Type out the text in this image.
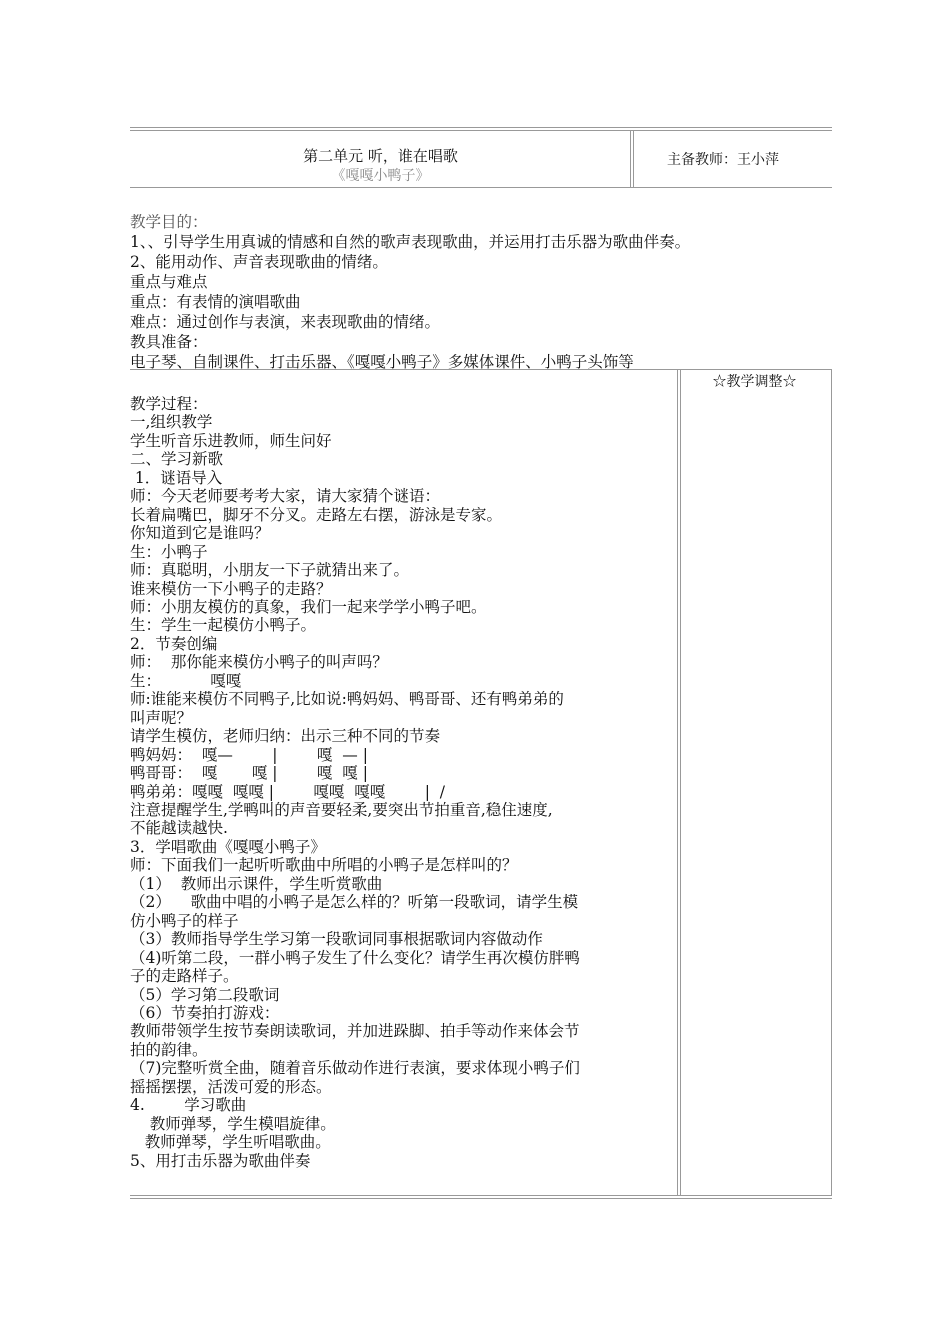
第二单元 听，谁在唱歌
《嘎嘎小鸭子》
主备教师：王小萍
教学目的：
1、、引导学生用真诚的情感和自然的歌声表现歌曲，并运用打击乐器为歌曲伴奏。
2、能用动作、声音表现歌曲的情绪。
重点与难点
重点：有表情的演唱歌曲
难点：通过创作与表演，来表现歌曲的情绪。
教具准备：
电子琴、自制课件、打击乐器、《嘎嘎小鸭子》多媒体课件、小鸭子头饰等
☆教学调整☆
教学过程：
一,组织教学
学生听音乐进教师，师生问好
二、学习新歌
1．谜语导入
师：今天老师要考考大家，请大家猜个谜语：
长着扁嘴巴，脚牙不分叉。走路左右摆，游泳是专家。
你知道到它是谁吗？
生：小鸭子
师：真聪明，小朋友一下子就猜出来了。
谁来模仿一下小鸭子的走路？
师：小朋友模仿的真象，我们一起来学学小鸭子吧。
生：学生一起模仿小鸭子。
2．节奏创编
师：  那你能来模仿小鸭子的叫声吗？
生：          嘎嘎
师:谁能来模仿不同鸭子,比如说:鸭妈妈、鸭哥哥、还有鸭弟弟的
叫声呢？
请学生模仿，老师归纳：出示三种不同的节奏
鸭妈妈：  嘎—        |        嘎  — |
鸭哥哥：  嘎       嘎 |        嘎  嘎 |
鸭弟弟：嘎嘎  嘎嘎 |        嘎嘎  嘎嘎        |  /
注意提醒学生,学鸭叫的声音要轻柔,要突出节拍重音,稳住速度,
不能越读越快.
3．学唱歌曲《嘎嘎小鸭子》
师：下面我们一起听听歌曲中所唱的小鸭子是怎样叫的？
（1）  教师出示课件，学生听赏歌曲
（2）    歌曲中唱的小鸭子是怎么样的？听第一段歌词，请学生模
仿小鸭子的样子
（3）教师指导学生学习第一段歌词同事根据歌词内容做动作
（4)听第二段，一群小鸭子发生了什么变化？请学生再次模仿胖鸭
子的走路样子。
（5）学习第二段歌词
（6）节奏拍打游戏：
教师带领学生按节奏朗读歌词，并加进跺脚、拍手等动作来体会节
拍的韵律。
（7)完整听赏全曲，随着音乐做动作进行表演，要求体现小鸭子们
摇摇摆摆，活泼可爱的形态。
4.        学习歌曲
教师弹琴，学生模唱旋律。
教师弹琴，学生听唱歌曲。
5、用打击乐器为歌曲伴奏
